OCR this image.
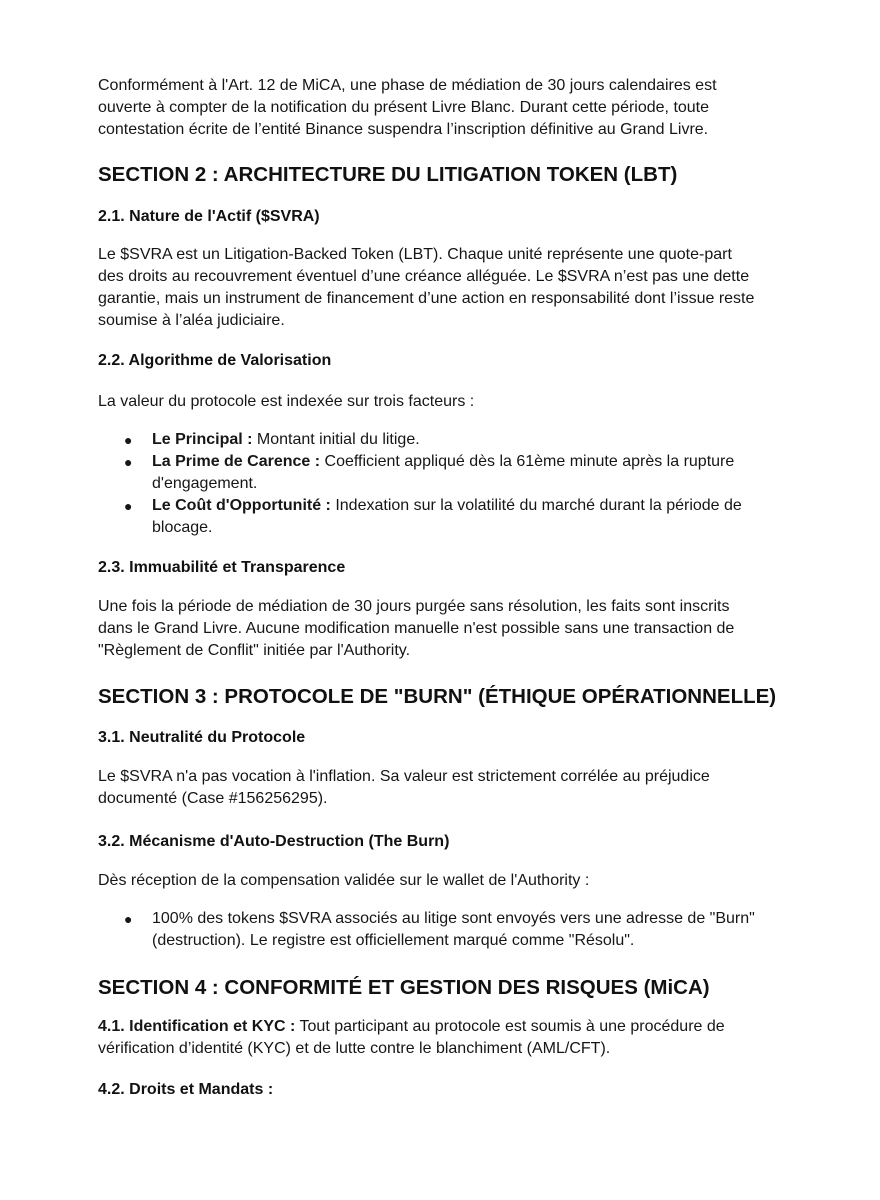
Conformément à l'Art. 12 de MiCA, une phase de médiation de 30 jours calendaires est
ouverte à compter de la notification du présent Livre Blanc. Durant cette période, toute
contestation écrite de l’entité Binance suspendra l’inscription définitive au Grand Livre.

SECTION 2 : ARCHITECTURE DU LITIGATION TOKEN (LBT)
2.1. Nature de l'Actif ($SVRA)

Le $SVRA est un Litigation-Backed Token (LBT). Chaque unité représente une quote-part
des droits au recouvrement éventuel d’une créance alléguée. Le $SVRA n’est pas une dette
garantie, mais un instrument de financement d’une action en responsabilité dont l’issue reste
soumise à l’aléa judiciaire.

2.2. Algorithme de Valorisation

La valeur du protocole est indexée sur trois facteurs :

● Le Principal : Montant initial du litige.
● La Prime de Carence : Coefficient appliqué dès la 61ème minute après la rupture
d'engagement.
● Le Coût d'Opportunité : Indexation sur la volatilité du marché durant la période de
blocage.
2.3. Immuabilité et Transparence

Une fois la période de médiation de 30 jours purgée sans résolution, les faits sont inscrits
dans le Grand Livre. Aucune modification manuelle n'est possible sans une transaction de
"Règlement de Conflit" initiée par l'Authority.

SECTION 3 : PROTOCOLE DE "BURN" (ÉTHIQUE OPÉRATIONNELLE)
3.1. Neutralité du Protocole

Le $SVRA n'a pas vocation à l'inflation. Sa valeur est strictement corrélée au préjudice
documenté (Case #156256295).

3.2. Mécanisme d'Auto-Destruction (The Burn)

Dès réception de la compensation validée sur le wallet de l'Authority :

● 100% des tokens $SVRA associés au litige sont envoyés vers une adresse de "Burn"
(destruction). Le registre est officiellement marqué comme "Résolu".
SECTION 4 : CONFORMITÉ ET GESTION DES RISQUES (MiCA)

4.1. Identification et KYC : Tout participant au protocole est soumis à une procédure de
vérification d’identité (KYC) et de lutte contre le blanchiment (AML/CFT).

4.2. Droits et Mandats :
